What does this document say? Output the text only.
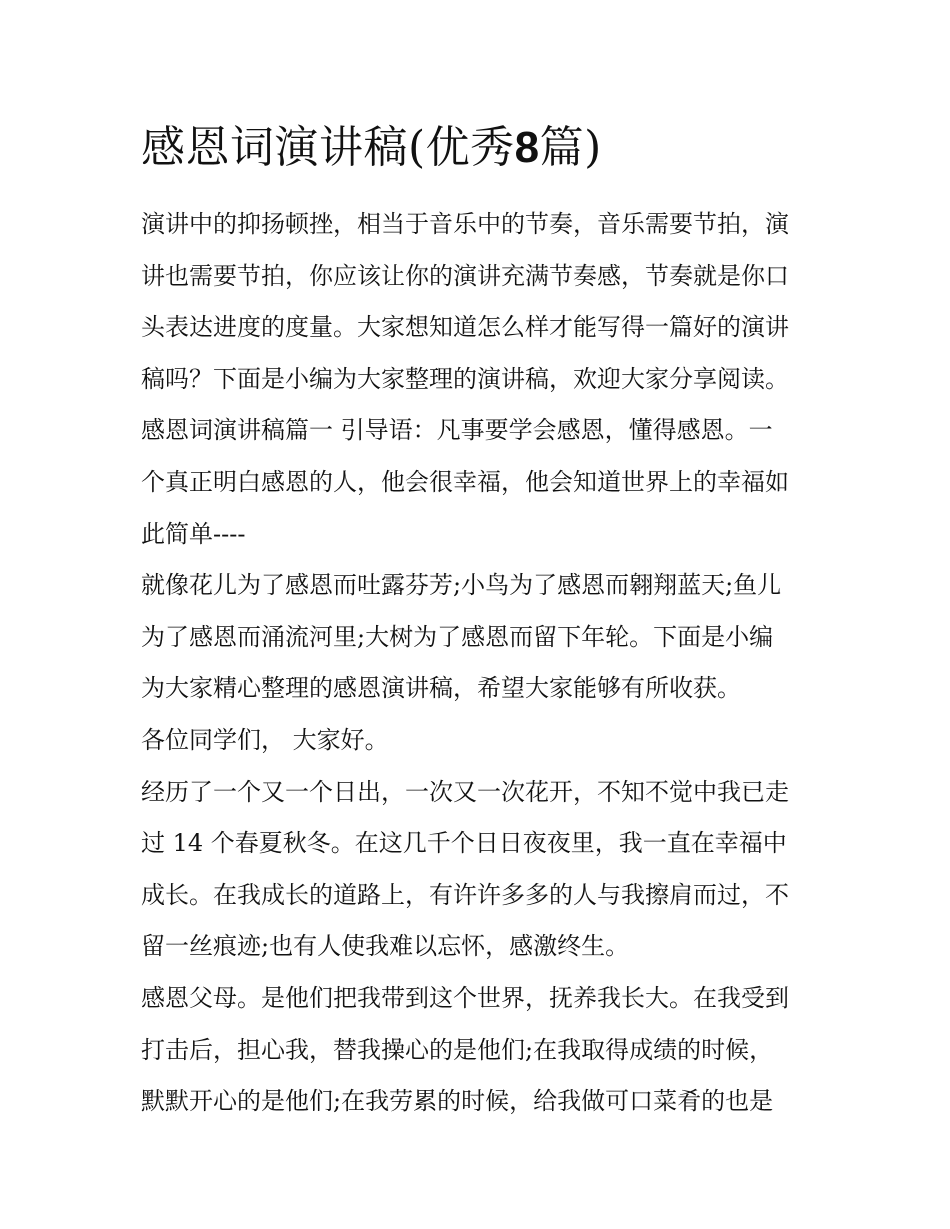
感恩词演讲稿(优秀8篇)
演讲中的抑扬顿挫，相当于音乐中的节奏，音乐需要节拍，演
讲也需要节拍，你应该让你的演讲充满节奏感，节奏就是你口
头表达进度的度量。大家想知道怎么样才能写得一篇好的演讲
稿吗？下面是小编为大家整理的演讲稿，欢迎大家分享阅读。
感恩词演讲稿篇一 引导语：凡事要学会感恩，懂得感恩。一
个真正明白感恩的人，他会很幸福，他会知道世界上的幸福如
此简单----
就像花儿为了感恩而吐露芬芳;小鸟为了感恩而翱翔蓝天;鱼儿
为了感恩而涌流河里;大树为了感恩而留下年轮。下面是小编
为大家精心整理的感恩演讲稿，希望大家能够有所收获。
各位同学们， 大家好。
经历了一个又一个日出，一次又一次花开，不知不觉中我已走
过 14 个春夏秋冬。在这几千个日日夜夜里，我一直在幸福中
成长。在我成长的道路上，有许许多多的人与我擦肩而过，不
留一丝痕迹;也有人使我难以忘怀，感激终生。
感恩父母。是他们把我带到这个世界，抚养我长大。在我受到
打击后，担心我，替我操心的是他们;在我取得成绩的时候，
默默开心的是他们;在我劳累的时候，给我做可口菜肴的也是
